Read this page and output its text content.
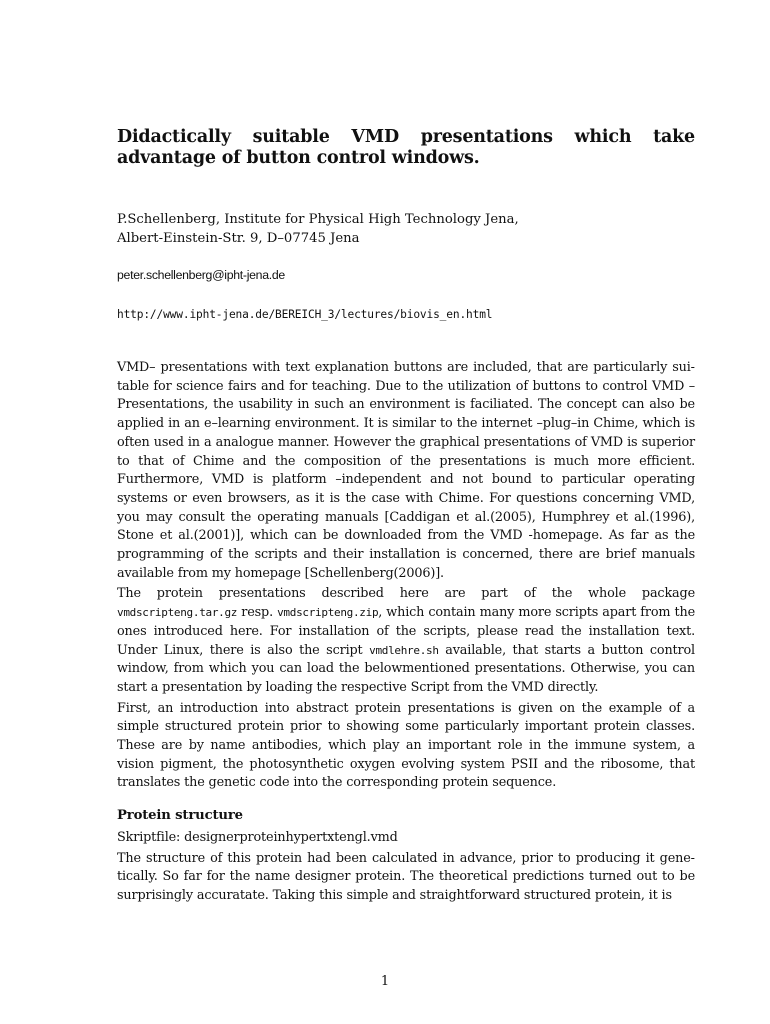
Didactically suitable VMD presentations which take advantage of button control windows.
P.Schellenberg, Institute for Physical High Technology Jena,
Albert-Einstein-Str. 9, D–07745 Jena
peter.schellenberg@ipht-jena.de
http://www.ipht-jena.de/BEREICH_3/lectures/biovis_en.html

VMD– presentations with text explanation buttons are included, that are particularly suitable for science fairs and for teaching. Due to the utilization of buttons to control VMD – Presentations, the usability in such an environment is faciliated. The concept can also be applied in an e–learning environment. It is similar to the internet –plug–in Chime, which is often used in a analogue manner. However the graphical presentations of VMD is superior to that of Chime and the composition of the presentations is much more efficient. Furthermore, VMD is platform –independent and not bound to particular operating systems or even browsers, as it is the case with Chime. For questions concerning VMD, you may consult the operating manuals [Caddigan et al.(2005), Humphrey et al.(1996), Stone et al.(2001)], which can be downloaded from the VMD -homepage. As far as the programming of the scripts and their installation is concerned, there are brief manuals available from my homepage [Schellenberg(2006)].

The protein presentations described here are part of the whole package vmdscripteng.tar.gz resp. vmdscripteng.zip, which contain many more scripts apart from the ones introduced here. For installation of the scripts, please read the installation text. Under Linux, there is also the script vmdlehre.sh available, that starts a button control window, from which you can load the belowmentioned presentations. Otherwise, you can start a presentation by loading the respective Script from the VMD directly.

First, an introduction into abstract protein presentations is given on the example of a simple structured protein prior to showing some particularly important protein classes. These are by name antibodies, which play an important role in the immune system, a vision pigment, the photosynthetic oxygen evolving system PSII and the ribosome, that translates the genetic code into the corresponding protein sequence.

Protein structure

Skriptfile: designerproteinhypertxtengl.vmd

The structure of this protein had been calculated in advance, prior to producing it genetically. So far for the name designer protein. The theoretical predictions turned out to be surprisingly accuratate. Taking this simple and straightforward structured protein, it is

1
